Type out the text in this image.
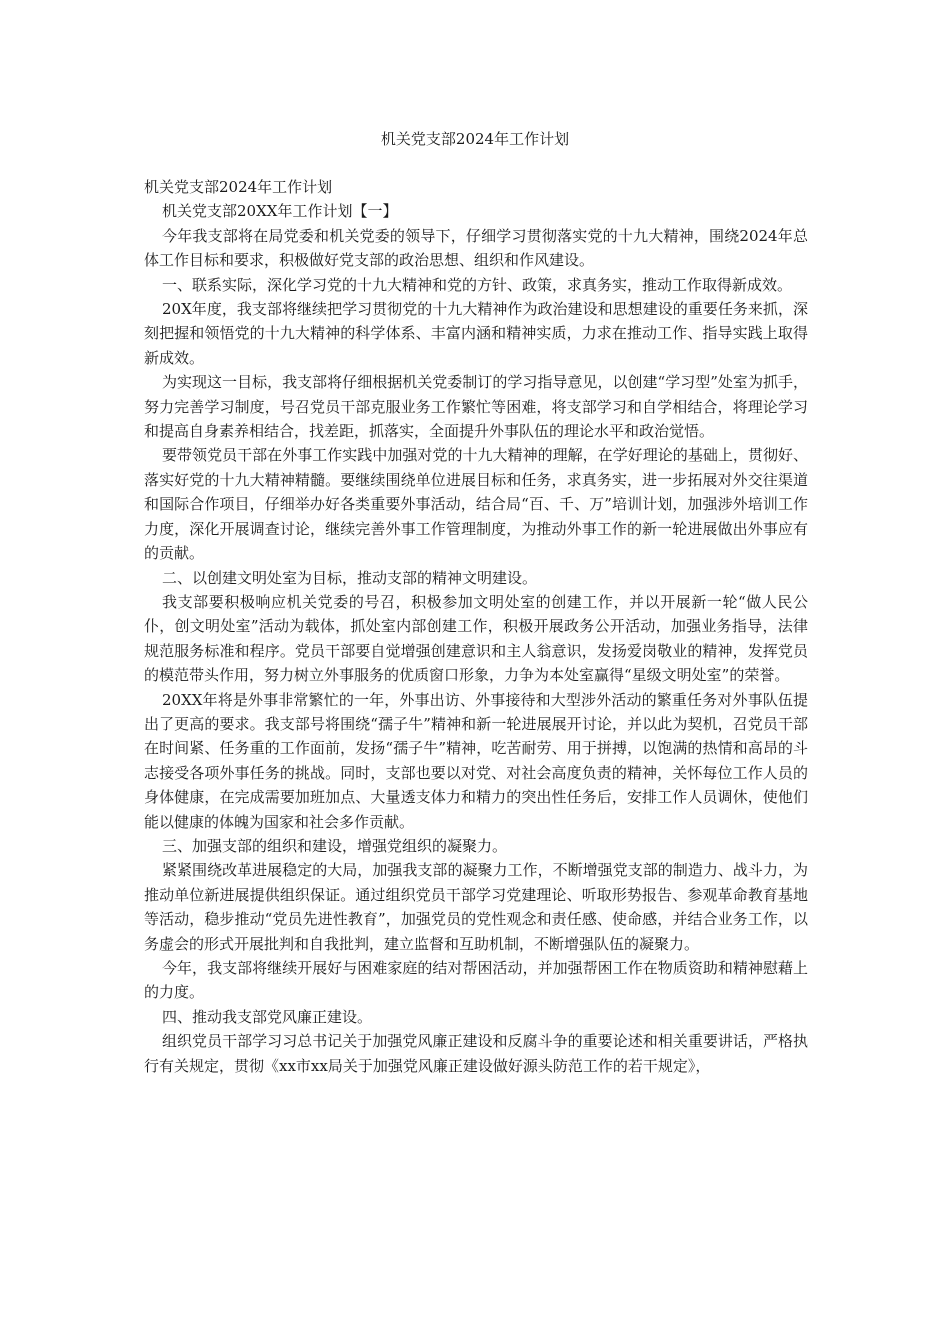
机关党支部2024年工作计划

机关党支部2024年工作计划

机关党支部20XX年工作计划【一】

今年我支部将在局党委和机关党委的领导下，仔细学习贯彻落实党的十九大精神，围绕2024年总体工作目标和要求，积极做好党支部的政治思想、组织和作风建设。

一、联系实际，深化学习党的十九大精神和党的方针、政策，求真务实，推动工作取得新成效。

20X年度，我支部将继续把学习贯彻党的十九大精神作为政治建设和思想建设的重要任务来抓，深刻把握和领悟党的十九大精神的科学体系、丰富内涵和精神实质，力求在推动工作、指导实践上取得新成效。

为实现这一目标，我支部将仔细根据机关党委制订的学习指导意见，以创建“学习型”处室为抓手，努力完善学习制度，号召党员干部克服业务工作繁忙等困难，将支部学习和自学相结合，将理论学习和提高自身素养相结合，找差距，抓落实，全面提升外事队伍的理论水平和政治觉悟。

要带领党员干部在外事工作实践中加强对党的十九大精神的理解，在学好理论的基础上，贯彻好、落实好党的十九大精神精髓。要继续围绕单位进展目标和任务，求真务实，进一步拓展对外交往渠道和国际合作项目，仔细举办好各类重要外事活动，结合局“百、千、万”培训计划，加强涉外培训工作力度，深化开展调查讨论，继续完善外事工作管理制度，为推动外事工作的新一轮进展做出外事应有的贡献。

二、以创建文明处室为目标，推动支部的精神文明建设。

我支部要积极响应机关党委的号召，积极参加文明处室的创建工作，并以开展新一轮“做人民公仆，创文明处室”活动为载体，抓处室内部创建工作，积极开展政务公开活动，加强业务指导，法律规范服务标准和程序。党员干部要自觉增强创建意识和主人翁意识，发扬爱岗敬业的精神，发挥党员的模范带头作用，努力树立外事服务的优质窗口形象，力争为本处室赢得“星级文明处室”的荣誉。

20XX年将是外事非常繁忙的一年，外事出访、外事接待和大型涉外活动的繁重任务对外事队伍提出了更高的要求。我支部号将围绕“孺子牛”精神和新一轮进展展开讨论，并以此为契机，召党员干部在时间紧、任务重的工作面前，发扬“孺子牛”精神，吃苦耐劳、用于拼搏，以饱满的热情和高昂的斗志接受各项外事任务的挑战。同时，支部也要以对党、对社会高度负责的精神，关怀每位工作人员的身体健康，在完成需要加班加点、大量透支体力和精力的突出性任务后，安排工作人员调休，使他们能以健康的体魄为国家和社会多作贡献。

三、加强支部的组织和建设，增强党组织的凝聚力。

紧紧围绕改革进展稳定的大局，加强我支部的凝聚力工作，不断增强党支部的制造力、战斗力，为推动单位新进展提供组织保证。通过组织党员干部学习党建理论、听取形势报告、参观革命教育基地等活动，稳步推动“党员先进性教育”，加强党员的党性观念和责任感、使命感，并结合业务工作，以务虚会的形式开展批判和自我批判，建立监督和互助机制，不断增强队伍的凝聚力。

今年，我支部将继续开展好与困难家庭的结对帮困活动，并加强帮困工作在物质资助和精神慰藉上的力度。

四、推动我支部党风廉正建设。

组织党员干部学习习总书记关于加强党风廉正建设和反腐斗争的重要论述和相关重要讲话，严格执行有关规定，贯彻《xx市xx局关于加强党风廉正建设做好源头防范工作的若干规定》，
